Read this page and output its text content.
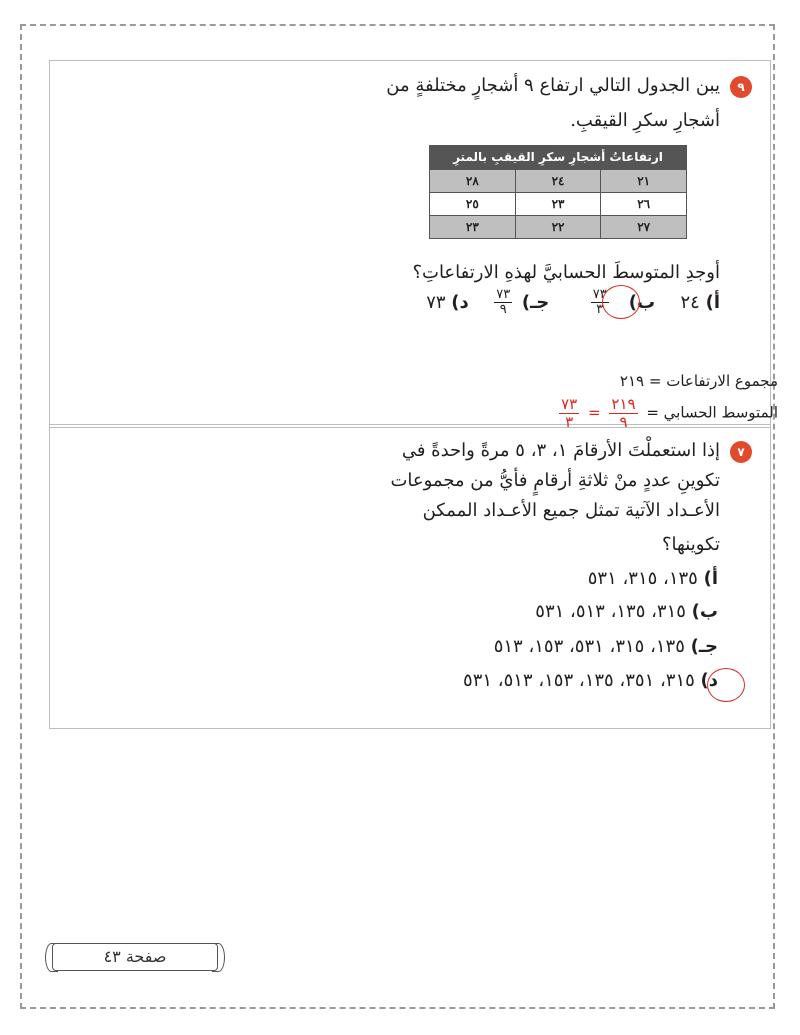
٩
يبن الجدول التالي ارتفاع ٩ أشجارٍ مختلفةٍ من
أشجارِ سكرِ القيقبِ.
ارتفاعاتُ أشجارِ سكرِ القيقبِ بالمترِ
٢١	٢٤	٢٨
٢٦	٢٣	٢٥
٢٧	٢٢	٢٣
أوجدِ المتوسطَ الحسابيَّ لهذهِ الارتفاعاتِ؟
أ) ٢٤  ب)
$\frac{٧٣}{٣}$
جـ)
$\frac{٧٣}{٩}$
د) ٧٣
مجموع الارتفاعات = ٢١٩
المتوسط الحسابي =
$\frac{٢١٩}{٩}$
=
$\frac{٧٣}{٣}$
٧
إذا استعملْتَ الأرقامَ ١، ٣، ٥ مرةً واحدةً في
تكوينِ عددٍ منْ ثلاثةِ أرقامٍ فأيُّ من مجموعات
الأعـداد الآتية تمثل جميع الأعـداد الممكن
تكوينها؟
أ) ١٣٥، ٣١٥، ٥٣١
ب) ٣١٥، ١٣٥، ٥١٣، ٥٣١
جـ) ١٣٥، ٣١٥، ٥٣١، ١٥٣، ٥١٣
د) ٣١٥، ٣٥١، ١٣٥، ١٥٣، ٥١٣، ٥٣١
صفحة ٤٣
